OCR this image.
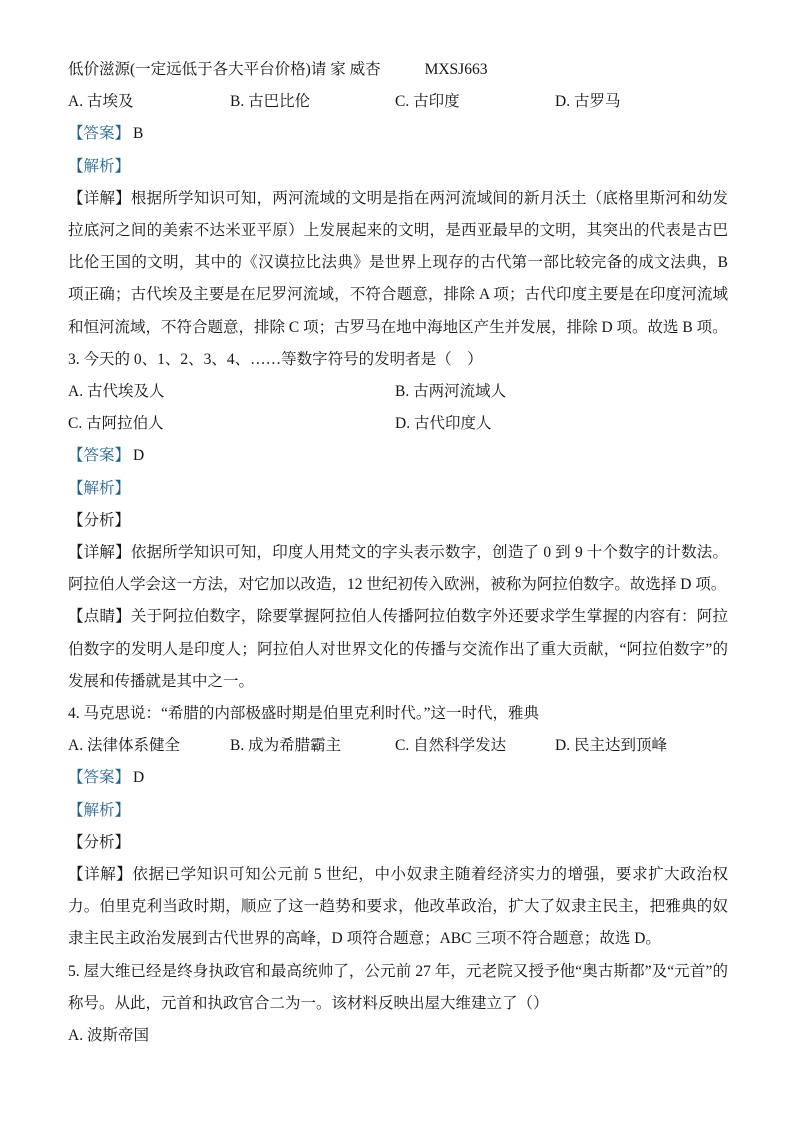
低价滋源(一定远低于各大平台价格)请 家 威杏	MXSJ663

A. 古埃及	B. 古巴比伦	C. 古印度	D. 古罗马

【答案】 B

【解析】

【详解】根据所学知识可知，两河流域的文明是指在两河流域间的新月沃土（底格里斯河和幼发拉底河之间的美索不达米亚平原）上发展起来的文明，是西亚最早的文明，其突出的代表是古巴比伦王国的文明，其中的《汉谟拉比法典》是世界上现存的古代第一部比较完备的成文法典，B 项正确；古代埃及主要是在尼罗河流域，不符合题意，排除 A 项；古代印度主要是在印度河流域和恒河流域，不符合题意，排除 C 项；古罗马在地中海地区产生并发展，排除 D 项。故选 B 项。

3. 今天的 0、1、2、3、4、……等数字符号的发明者是（　）

A. 古代埃及人	B. 古两河流域人
C. 古阿拉伯人	D. 古代印度人

【答案】 D

【解析】

【分析】

【详解】依据所学知识可知，印度人用梵文的字头表示数字，创造了 0 到 9 十个数字的计数法。阿拉伯人学会这一方法，对它加以改造，12 世纪初传入欧洲，被称为阿拉伯数字。故选择 D 项。

【点睛】关于阿拉伯数字，除要掌握阿拉伯人传播阿拉伯数字外还要求学生掌握的内容有：阿拉伯数字的发明人是印度人；阿拉伯人对世界文化的传播与交流作出了重大贡献，“阿拉伯数字”的发展和传播就是其中之一。

4. 马克思说：“希腊的内部极盛时期是伯里克利时代。”这一时代，雅典

A. 法律体系健全	B. 成为希腊霸主	C. 自然科学发达	D. 民主达到顶峰

【答案】 D

【解析】

【分析】

【详解】依据已学知识可知公元前 5 世纪，中小奴隶主随着经济实力的增强，要求扩大政治权力。伯里克利当政时期，顺应了这一趋势和要求，他改革政治，扩大了奴隶主民主，把雅典的奴隶主民主政治发展到古代世界的高峰，D 项符合题意；ABC 三项不符合题意；故选 D。

5. 屋大维已经是终身执政官和最高统帅了，公元前 27 年，元老院又授予他“奥古斯都”及“元首”的称号。从此，元首和执政官合二为一。该材料反映出屋大维建立了（）

A. 波斯帝国
